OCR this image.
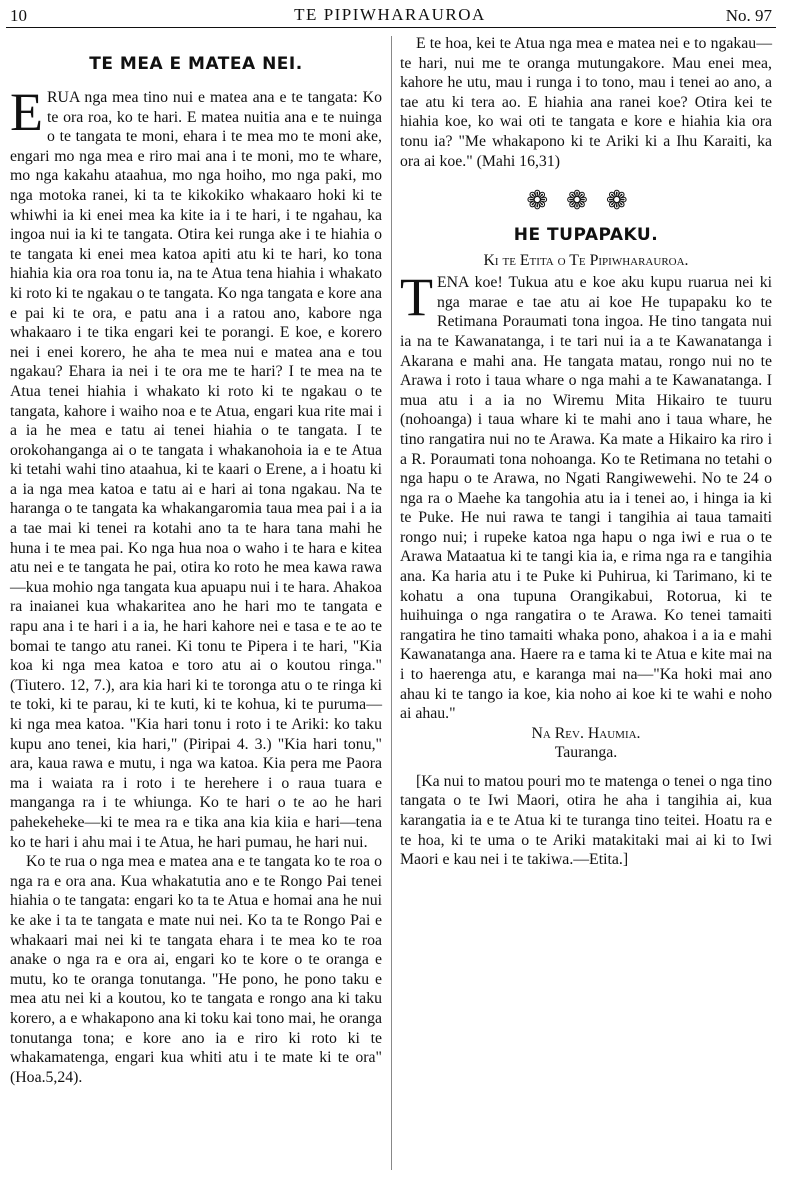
10	TE PIPIWHARAUROA	No. 97
TE MEA E MATEA NEI.

ERUA nga mea tino nui e matea ana e te tangata: Ko te ora roa, ko te hari. E matea nuitia ana e te nuinga o te tangata te moni, ehara i te mea mo te moni ake, engari mo nga mea e riro mai ana i te moni, mo te whare, mo nga kakahu ataahua, mo nga hoiho, mo nga paki, mo nga motoka ranei, ki ta te kikokiko whakaaro hoki ki te whiwhi ia ki enei mea ka kite ia i te hari, i te ngahau, ka ingoa nui ia ki te tangata. Otira kei runga ake i te hiahia o te tangata ki enei mea katoa apiti atu ki te hari, ko tona hiahia kia ora roa tonu ia, na te Atua tena hiahia i whakato ki roto ki te ngakau o te tangata. Ko nga tangata e kore ana e pai ki te ora, e patu ana i a ratou ano, kabore nga whakaaro i te tika engari kei te porangi. E koe, e korero nei i enei korero, he aha te mea nui e matea ana e tou ngakau? Ehara ia nei i te ora me te hari? I te mea na te Atua tenei hiahia i whakato ki roto ki te ngakau o te tangata, kahore i waiho noa e te Atua, engari kua rite mai i a ia he mea e tatu ai tenei hiahia o te tangata. I te orokohanganga ai o te tangata i whakanohoia ia e te Atua ki tetahi wahi tino ataahua, ki te kaari o Erene, a i hoatu ki a ia nga mea katoa e tatu ai e hari ai tona ngakau. Na te haranga o te tangata ka whakangaromia taua mea pai i a ia a tae mai ki tenei ra kotahi ano ta te hara tana mahi he huna i te mea pai. Ko nga hua noa o waho i te hara e kitea atu nei e te tangata he pai, otira ko roto he mea kawa rawa—kua mohio nga tangata kua apuapu nui i te hara. Ahakoa ra inaianei kua whakaritea ano he hari mo te tangata e rapu ana i te hari i a ia, he hari kahore nei e tasa e te ao te bomai te tango atu ranei. Ki tonu te Pipera i te hari, "Kia koa ki nga mea katoa e toro atu ai o koutou ringa." (Tiutero. 12, 7.), ara kia hari ki te toronga atu o te ringa ki te toki, ki te parau, ki te kuti, ki te kohua, ki te puruma—ki nga mea katoa. "Kia hari tonu i roto i te Ariki: ko taku kupu ano tenei, kia hari," (Piripai 4. 3.) "Kia hari tonu," ara, kaua rawa e mutu, i nga wa katoa. Kia pera me Paora ma i waiata ra i roto i te herehere i o raua tuara e manganga ra i te whiunga. Ko te hari o te ao he hari pahekeheke—ki te mea ra e tika ana kia kiia e hari—tena ko te hari i ahu mai i te Atua, he hari pumau, he hari nui.

Ko te rua o nga mea e matea ana e te tangata ko te roa o nga ra e ora ana. Kua whakatutia ano e te Rongo Pai tenei hiahia o te tangata: engari ko ta te Atua e homai ana he nui ke ake i ta te tangata e mate nui nei. Ko ta te Rongo Pai e whakaari mai nei ki te tangata ehara i te mea ko te roa anake o nga ra e ora ai, engari ko te kore o te oranga e mutu, ko te oranga tonutanga. "He pono, he pono taku e mea atu nei ki a koutou, ko te tangata e rongo ana ki taku korero, a e whakapono ana ki toku kai tono mai, he oranga tonutanga tona; e kore ano ia e riro ki roto ki te whakamatenga, engari kua whiti atu i te mate ki te ora"(Hoa.5,24).

E te hoa, kei te Atua nga mea e matea nei e to ngakau—te hari, nui me te oranga mutungakore. Mau enei mea, kahore he utu, mau i runga i to tono, mau i tenei ao ano, a tae atu ki tera ao. E hiahia ana ranei koe? Otira kei te hiahia koe, ko wai oti te tangata e kore e hiahia kia ora tonu ia? "Me whakapono ki te Ariki ki a Ihu Karaiti, ka ora ai koe." (Mahi 16,31)

❁❁❁
HE TUPAPAKU.
Ki te Etita o Te Pipiwharauroa.

TENA koe! Tukua atu e koe aku kupu ruarua nei ki nga marae e tae atu ai koe He tupapaku ko te Retimana Poraumati tona ingoa. He tino tangata nui ia na te Kawanatanga, i te tari nui ia a te Kawanatanga i Akarana e mahi ana. He tangata matau, rongo nui no te Arawa i roto i taua whare o nga mahi a te Kawanatanga. I mua atu i a ia no Wiremu Mita Hikairo te tuuru (nohoanga) i taua whare ki te mahi ano i taua whare, he tino rangatira nui no te Arawa. Ka mate a Hikairo ka riro i a R. Poraumati tona nohoanga. Ko te Retimana no tetahi o nga hapu o te Arawa, no Ngati Rangiwewehi. No te 24 o nga ra o Maehe ka tangohia atu ia i tenei ao, i hinga ia ki te Puke. He nui rawa te tangi i tangihia ai taua tamaiti rongo nui; i rupeke katoa nga hapu o nga iwi e rua o te Arawa Mataatua ki te tangi kia ia, e rima nga ra e tangihia ana. Ka haria atu i te Puke ki Puhirua, ki Tarimano, ki te kohatu a ona tupuna Orangikabui, Rotorua, ki te huihuinga o nga rangatira o te Arawa. Ko tenei tamaiti rangatira he tino tamaiti whaka pono, ahakoa i a ia e mahi Kawanatanga ana. Haere ra e tama ki te Atua e kite mai na i to haerenga atu, e karanga mai na—"Ka hoki mai ano ahau ki te tango ia koe, kia noho ai koe ki te wahi e noho ai ahau."

Na Rev. Haumia.
Tauranga.

[Ka nui to matou pouri mo te matenga o tenei o nga tino tangata o te Iwi Maori, otira he aha i tangihia ai, kua karangatia ia e te Atua ki te turanga tino teitei. Hoatu ra e te hoa, ki te uma o te Ariki matakitaki mai ai ki to Iwi Maori e kau nei i te takiwa.—Etita.]
